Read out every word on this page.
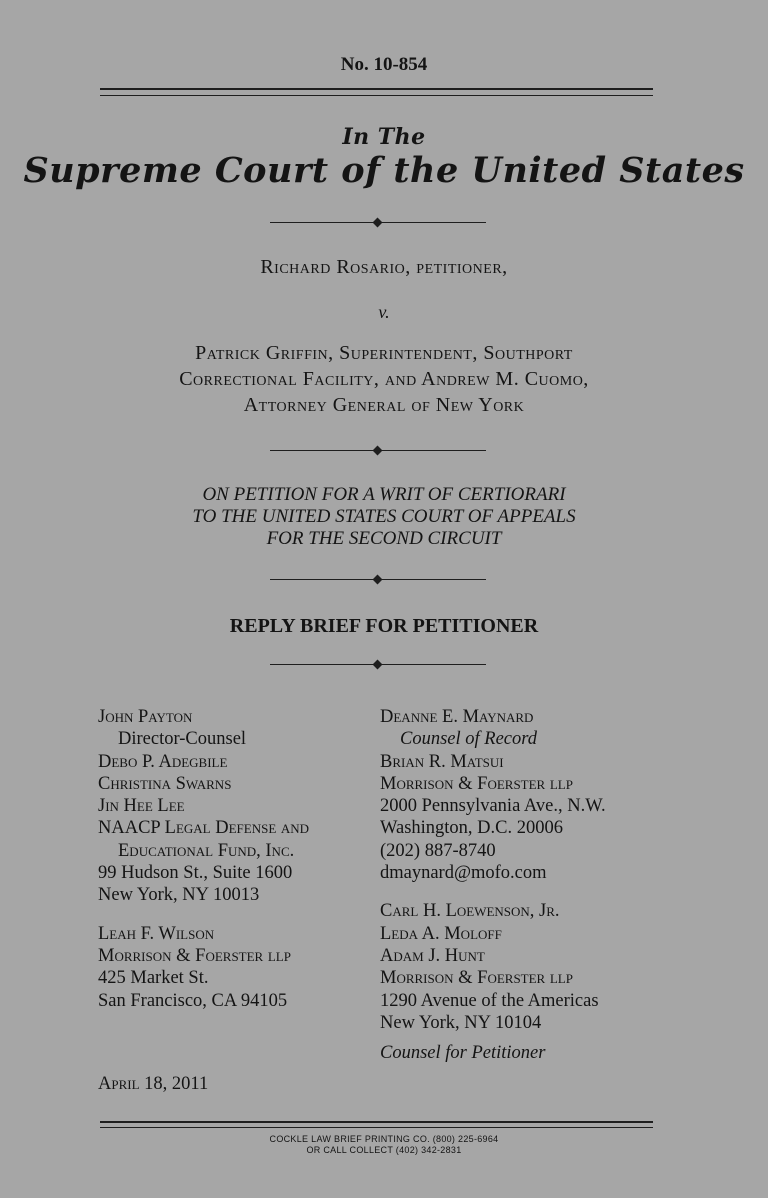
No. 10-854
In The
Supreme Court of the United States
Richard Rosario, petitioner,
v.
Patrick Griffin, Superintendent, Southport
Correctional Facility, and Andrew M. Cuomo,
Attorney General of New York
ON PETITION FOR A WRIT OF CERTIORARI
TO THE UNITED STATES COURT OF APPEALS
FOR THE SECOND CIRCUIT
REPLY BRIEF FOR PETITIONER
John Payton
Director-Counsel
Debo P. Adegbile
Christina Swarns
Jin Hee Lee
NAACP Legal Defense and
Educational Fund, Inc.
99 Hudson St., Suite 1600
New York, NY 10013
Leah F. Wilson
Morrison & Foerster llp
425 Market St.
San Francisco, CA 94105
Deanne E. Maynard
Counsel of Record
Brian R. Matsui
Morrison & Foerster llp
2000 Pennsylvania Ave., N.W.
Washington, D.C. 20006
(202) 887-8740
dmaynard@mofo.com
Carl H. Loewenson, Jr.
Leda A. Moloff
Adam J. Hunt
Morrison & Foerster llp
1290 Avenue of the Americas
New York, NY 10104
Counsel for Petitioner
April 18, 2011
COCKLE LAW BRIEF PRINTING CO. (800) 225-6964
OR CALL COLLECT (402) 342-2831
